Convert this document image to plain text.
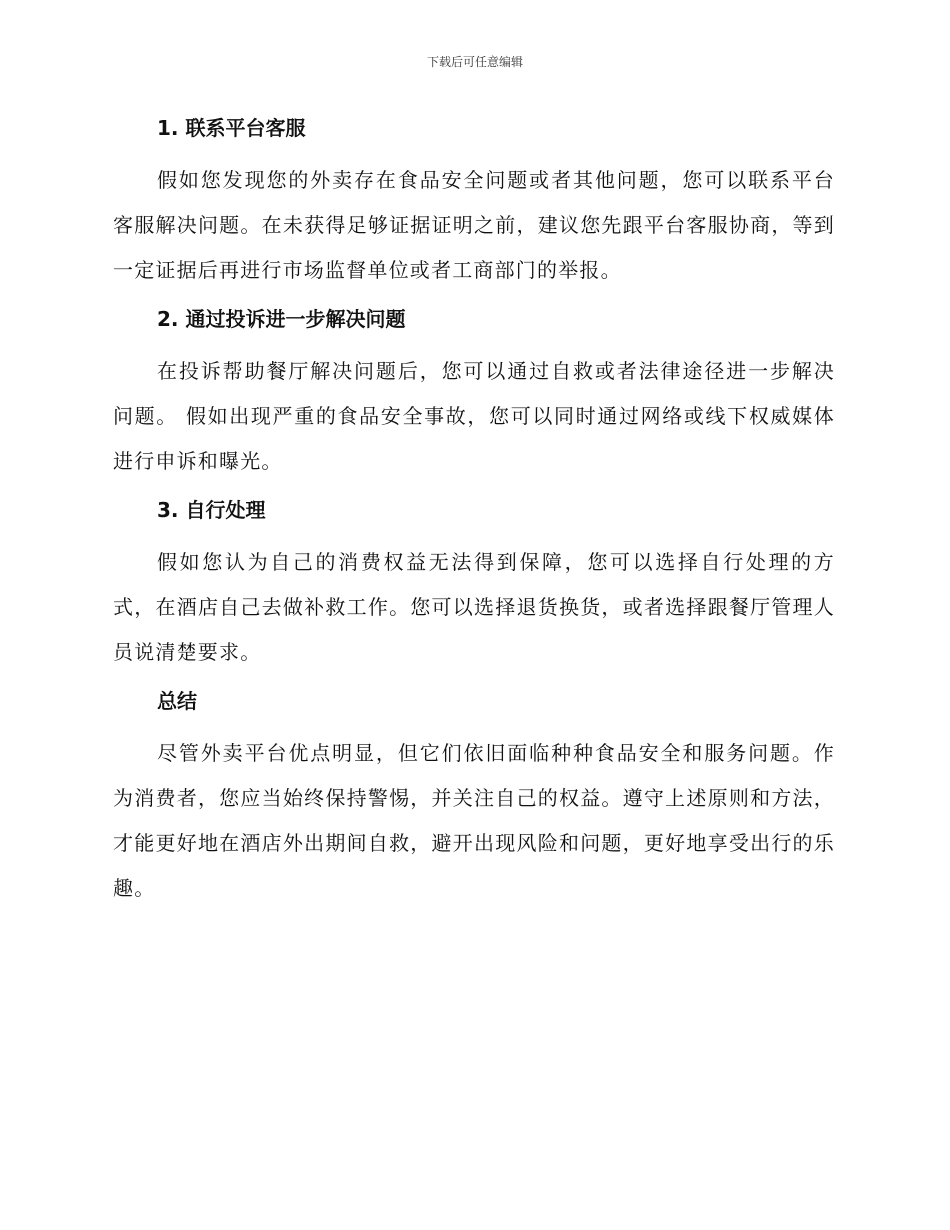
下载后可任意编辑
1. 联系平台客服

假如您发现您的外卖存在食品安全问题或者其他问题，您可以联系平台客服解决问题。在未获得足够证据证明之前，建议您先跟平台客服协商，等到一定证据后再进行市场监督单位或者工商部门的举报。

2. 通过投诉进一步解决问题

在投诉帮助餐厅解决问题后，您可以通过自救或者法律途径进一步解决问题。 假如出现严重的食品安全事故，您可以同时通过网络或线下权威媒体进行申诉和曝光。

3. 自行处理

假如您认为自己的消费权益无法得到保障，您可以选择自行处理的方式，在酒店自己去做补救工作。您可以选择退货换货，或者选择跟餐厅管理人员说清楚要求。

总结

尽管外卖平台优点明显，但它们依旧面临种种食品安全和服务问题。作为消费者，您应当始终保持警惕，并关注自己的权益。遵守上述原则和方法，才能更好地在酒店外出期间自救，避开出现风险和问题，更好地享受出行的乐趣。
